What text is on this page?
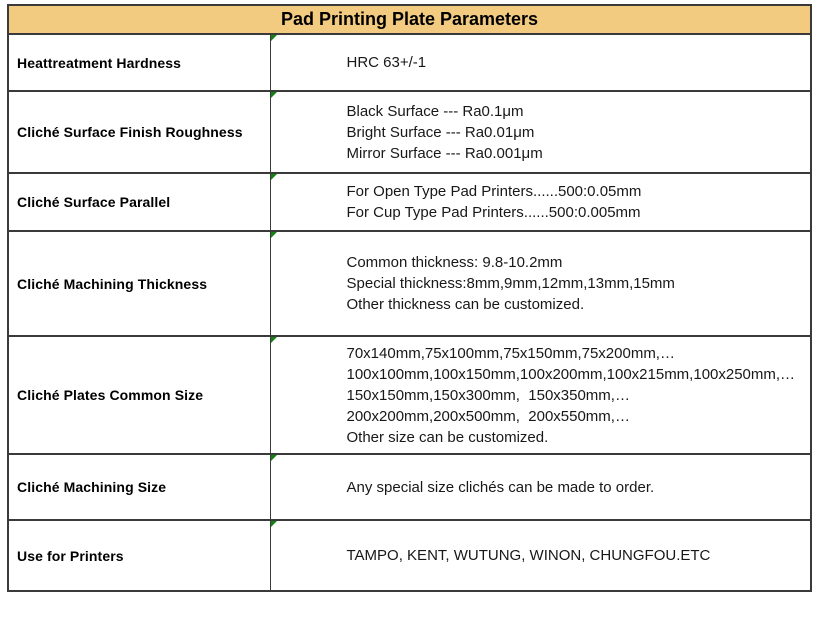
Pad Printing Plate Parameters	
Heattreatment Hardness	HRC 63+/-1

Cliché Surface Finish Roughness	Black Surface --- Ra0.1μm
Bright Surface --- Ra0.01μm
Mirror Surface --- Ra0.001μm

Cliché Surface Parallel	For Open Type Pad Printers......500:0.05mm
For Cup Type Pad Printers......500:0.005mm

Cliché Machining Thickness	Common thickness: 9.8-10.2mm
Special thickness:8mm,9mm,12mm,13mm,15mm
Other thickness can be customized.

Cliché Plates Common Size	70x140mm,75x100mm,75x150mm,75x200mm,…
100x100mm,100x150mm,100x200mm,100x215mm,100x250mm,…
150x150mm,150x300mm,  150x350mm,…
200x200mm,200x500mm,  200x550mm,…
Other size can be customized.

Cliché Machining Size	Any special size clichés can be made to order.

Use for Printers	TAMPO, KENT, WUTUNG, WINON, CHUNGFOU.ETC
